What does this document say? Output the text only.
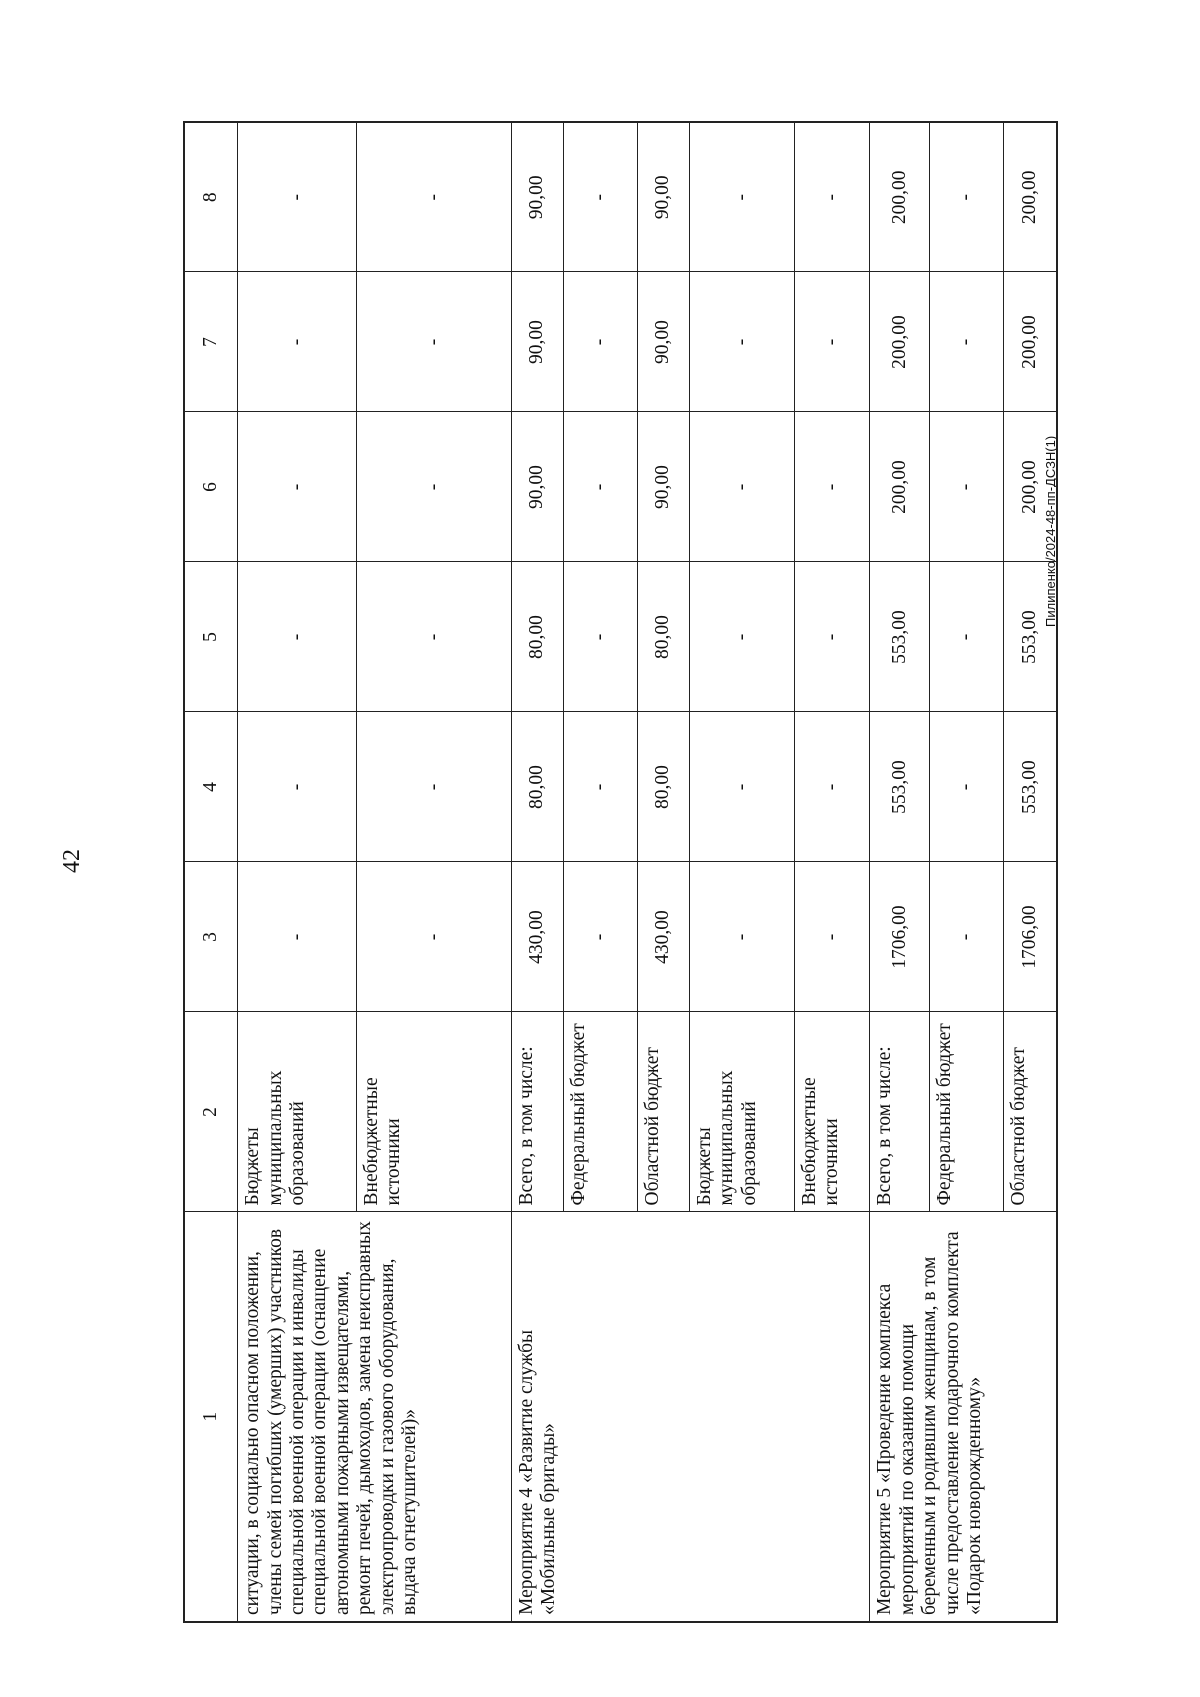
42
Пилипенко/2024-48-пп-ДСЗН(1)
1	2	3	4	5	6	7	8
ситуации, в социально опасном положении, члены семей погибших (умерших) участников специальной военной операции и инвалиды специальной военной операции (оснащение автономными пожарными извещателями, ремонт печей, дымоходов, замена неисправных электропроводки и газового оборудования, выдача огнетушителей)»	Бюджеты муниципальных образований	-	-	-	-	-	-
	Внебюджетные источники	-	-	-	-	-	-
Мероприятие 4 «Развитие службы «Мобильные бригады»	Всего, в том числе:	430,00	80,00	80,00	90,00	90,00	90,00
	Федеральный бюджет	-	-	-	-	-	-
	Областной бюджет	430,00	80,00	80,00	90,00	90,00	90,00
	Бюджеты муниципальных образований	-	-	-	-	-	-
	Внебюджетные источники	-	-	-	-	-	-
Мероприятие 5 «Проведение комплекса мероприятий по оказанию помощи беременным и родившим женщинам, в том числе предоставление подарочного комплекта «Подарок новорожденному»	Всего, в том числе:	1706,00	553,00	553,00	200,00	200,00	200,00
	Федеральный бюджет	-	-	-	-	-	-
	Областной бюджет	1706,00	553,00	553,00	200,00	200,00	200,00
